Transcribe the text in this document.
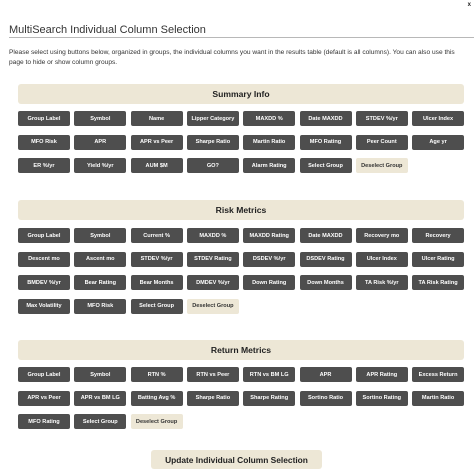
x
MultiSearch Individual Column Selection
Please select using buttons below, organized in groups, the individual columns you want in the results table (default is all columns). You can also use this page to hide or show column groups.
Summary Info
Group Label	Symbol	Name	Lipper Category	MAXDD %	Date MAXDD	STDEV %/yr	Ulcer Index
MFO Risk	APR	APR vs Peer	Sharpe Ratio	Martin Ratio	MFO Rating	Peer Count	Age yr
ER %/yr	Yield %/yr	AUM $M	GO?	Alarm Rating	Select Group	Deselect Group
Risk Metrics
Group Label	Symbol	Current %	MAXDD %	MAXDD Rating	Date MAXDD	Recovery mo	Recovery
Descent mo	Ascent mo	STDEV %/yr	STDEV Rating	DSDEV %/yr	DSDEV Rating	Ulcer Index	Ulcer Rating
BMDEV %/yr	Bear Rating	Bear Months	DMDEV %/yr	Down Rating	Down Months	TA Risk %/yr	TA Risk Rating
Max Volatility	MFO Risk	Select Group	Deselect Group
Return Metrics
Group Label	Symbol	RTN %	RTN vs Peer	RTN vs BM LG	APR	APR Rating	Excess Return
APR vs Peer	APR vs BM LG	Batting Avg %	Sharpe Ratio	Sharpe Rating	Sortino Ratio	Sortino Rating	Martin Ratio
MFO Rating	Select Group	Deselect Group
Update Individual Column Selection
